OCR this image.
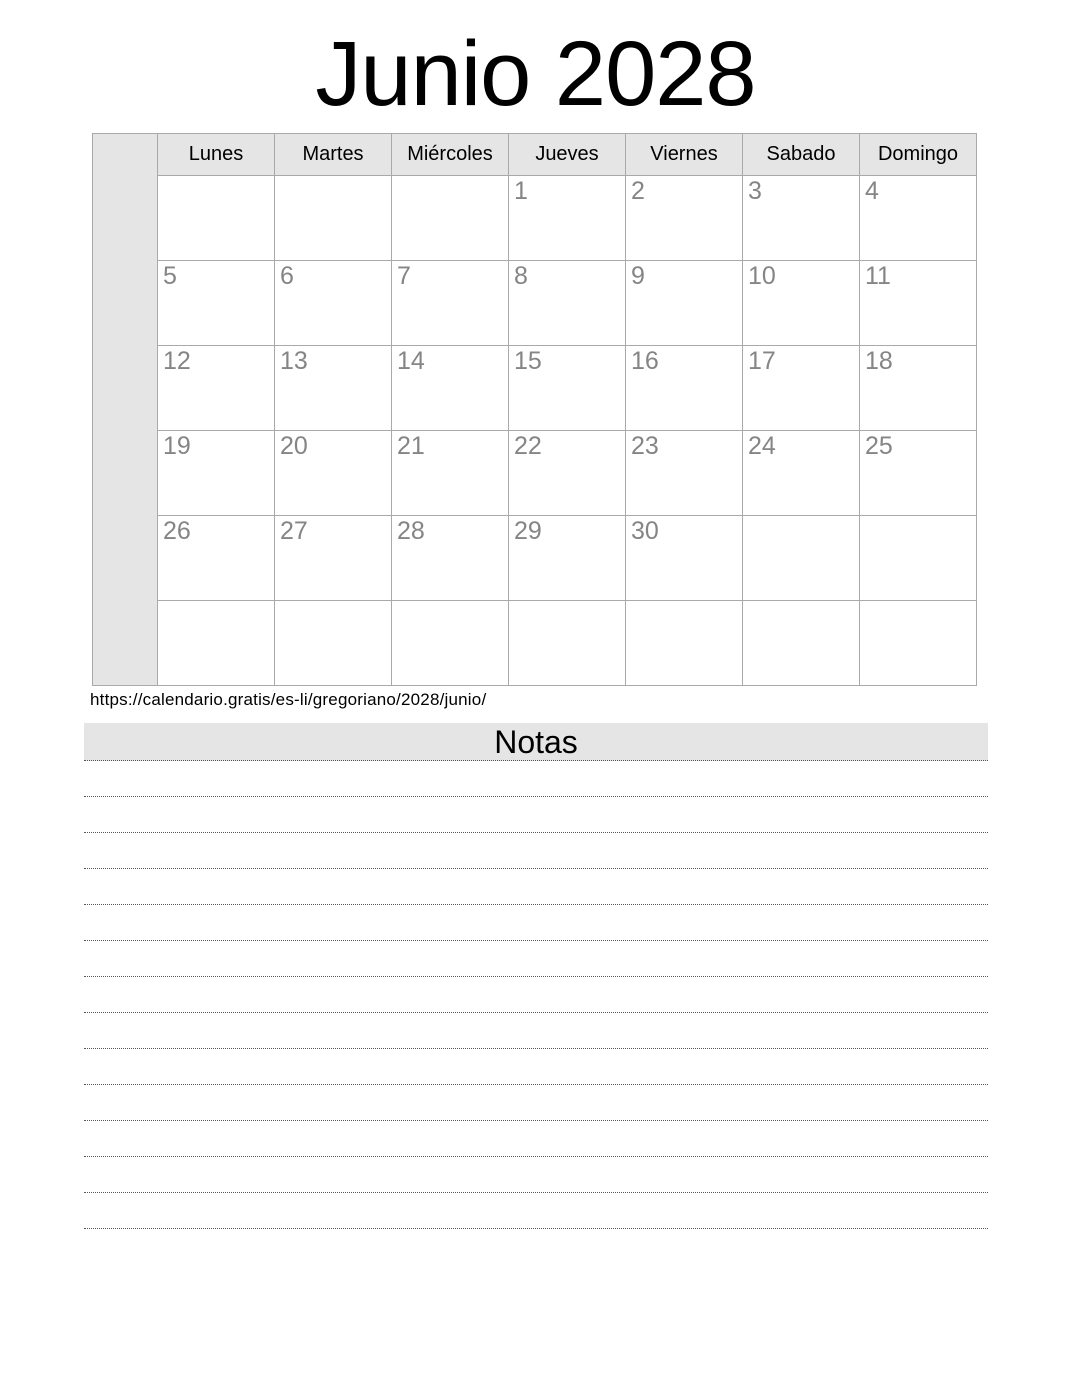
Junio 2028
	Lunes	Martes	Miércoles	Jueves	Viernes	Sabado	Domingo
				1	2	3	4
	5	6	7	8	9	10	11
	12	13	14	15	16	17	18
	19	20	21	22	23	24	25
	26	27	28	29	30		

https://calendario.gratis/es-li/gregoriano/2028/junio/
Notas
